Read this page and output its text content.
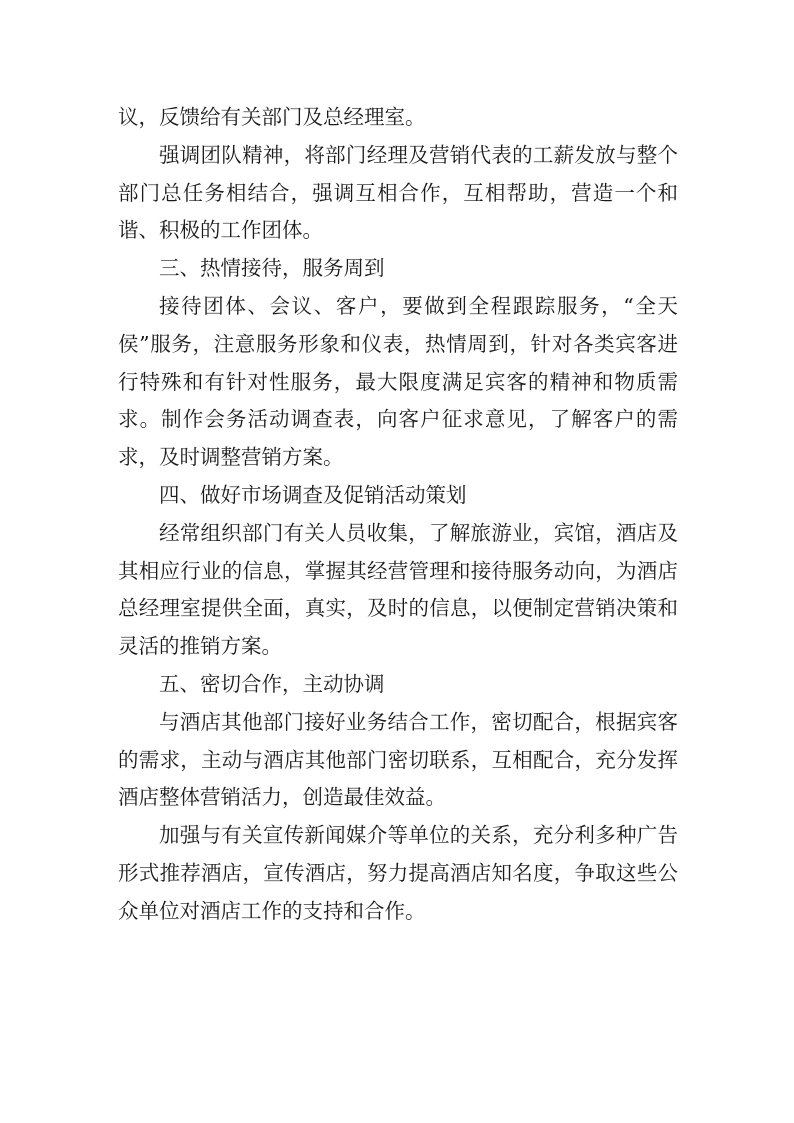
议，反馈给有关部门及总经理室。

强调团队精神，将部门经理及营销代表的工薪发放与整个部门总任务相结合，强调互相合作，互相帮助，营造一个和谐、积极的工作团体。

三、热情接待，服务周到

接待团体、会议、客户，要做到全程跟踪服务，“全天侯”服务，注意服务形象和仪表，热情周到，针对各类宾客进行特殊和有针对性服务，最大限度满足宾客的精神和物质需求。制作会务活动调查表，向客户征求意见，了解客户的需求，及时调整营销方案。

四、做好市场调查及促销活动策划

经常组织部门有关人员收集，了解旅游业，宾馆，酒店及其相应行业的信息，掌握其经营管理和接待服务动向，为酒店总经理室提供全面，真实，及时的信息，以便制定营销决策和灵活的推销方案。

五、密切合作，主动协调

与酒店其他部门接好业务结合工作，密切配合，根据宾客的需求，主动与酒店其他部门密切联系，互相配合，充分发挥酒店整体营销活力，创造最佳效益。

加强与有关宣传新闻媒介等单位的关系，充分利多种广告形式推荐酒店，宣传酒店，努力提高酒店知名度，争取这些公众单位对酒店工作的支持和合作。
